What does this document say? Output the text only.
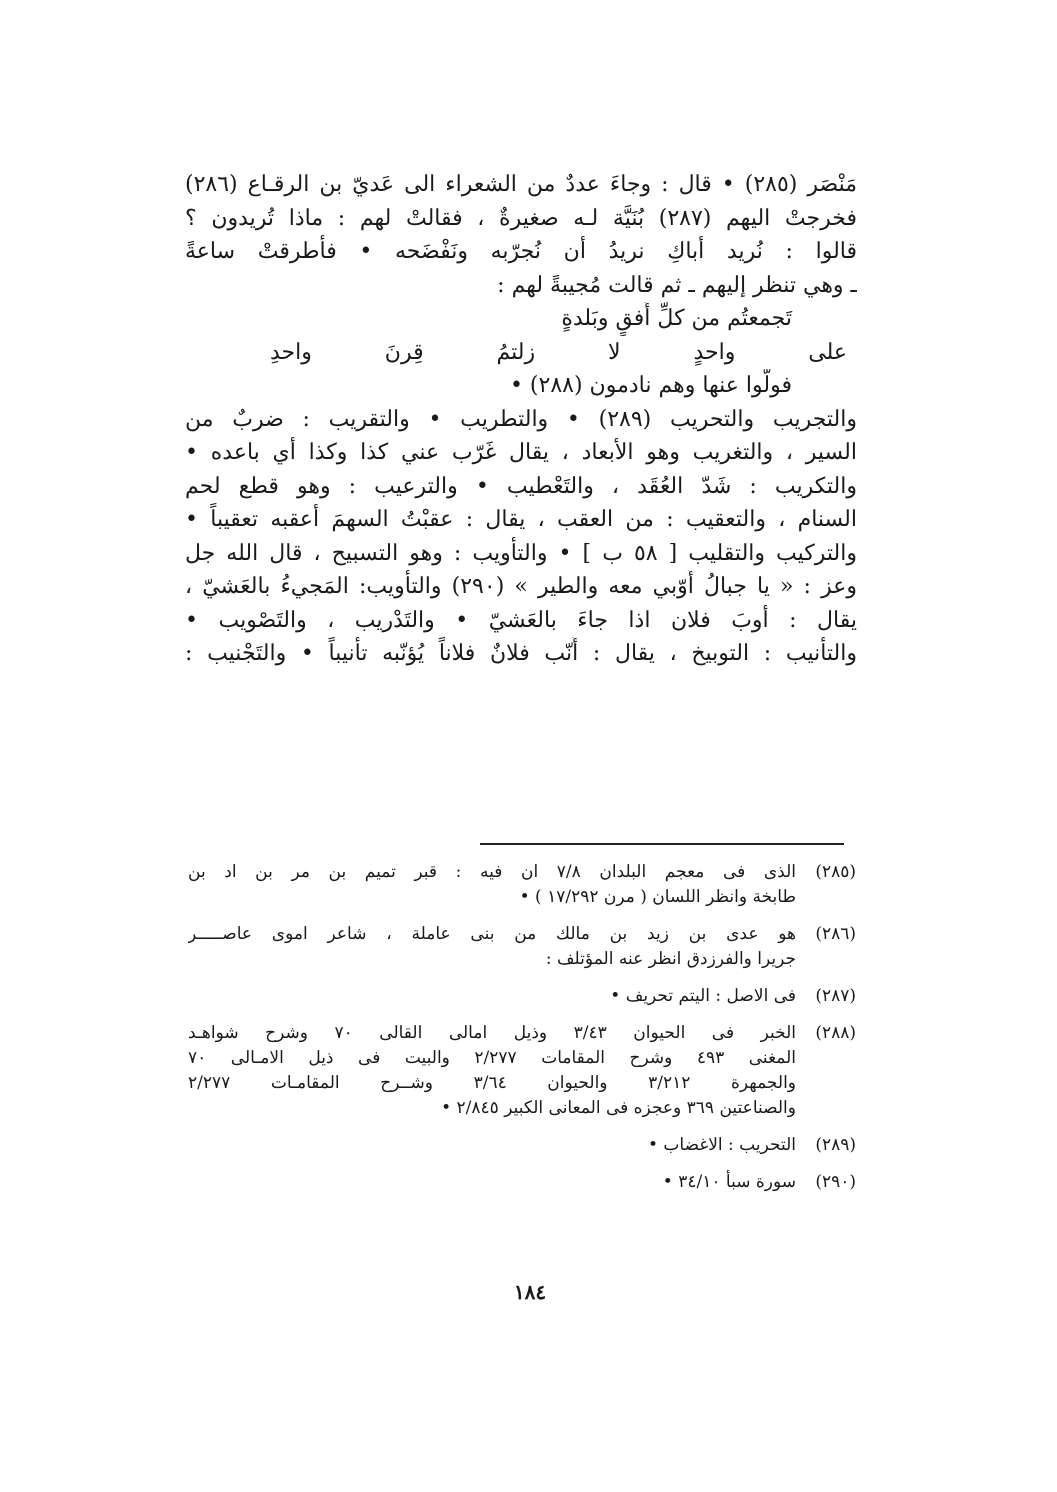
مَنْصَر (٢٨٥) • قال : وجاءَ عددٌ من الشعراء الى عَديّ بن الرقـاع (٢٨٦)
فخرجتْ اليهم (٢٨٧) بُنَيَّة لـه صغيرةٌ ، فقالتْ لهم : ماذا تُريدون ؟
قالوا : نُريد أباكِ نريدُ أن نُجرّبه ونَفْضَحه • فأطرقتْ ساعةً
ـ وهي تنظر إليهم ـ ثم قالت مُجيبةً لهم :
تَجمعتُم من كلِّ أُفقٍ وبَلدةٍ
على واحدٍ لا زلتمُ قِرنَ واحدِ
فولّوا عنها وهم نادمون (٢٨٨) •
والتجريب والتحريب (٢٨٩) • والتطريب • والتقريب : ضربٌ من
السير ، والتغريب وهو الأبعاد ، يقال غَرّب عني كذا وكذا أي باعده •
والتكريب : شَدّ العُقَد ، والتَعْطيب • والترعيب : وهو قطع لحم
السنام ، والتعقيب : من العقب ، يقال : عقبْتُ السهمَ أعقبه تعقيباً •
والتركيب والتقليب [ ٥٨ ب ] • والتأْويب : وهو التسبيح ، قال الله جل
وعز : « يا جبالُ أَوّبي معه والطير » (٢٩٠) والتأويب: المَجيءُ بالعَشيّ ،
يقال : أوبَ فلان اذا جاءَ بالعَشيّ • والتَدْريب ، والتَصْويب •
والتأنيب : التوبيخ ، يقال : أَنّب فلانٌ فلاناً يُؤنّبه تأنيباً • والتَجْنيب :
(٢٨٥)
الذى فى معجم البلدان ٧/٨ ان فيه : قبر تميم بن مر بن اد بن
طابخة وانظر اللسان ( مرن ١٧/٢٩٢ ) •
(٢٨٦)
هو عدى بن زيد بن مالك من بنى عاملة ، شاعر اموى عاصـــــر
جريرا والفرزدق انظر عنه المؤتلف :
(٢٨٧)
فى الاصل : اليتم تحريف •
(٢٨٨)
الخبر فى الحيوان ٣/٤٣ وذيل امالى القالى ٧٠ وشرح شواهـد
المغنى ٤٩٣ وشرح المقامات ٢/٢٧٧ والبيت فى ذيل الامـالى ٧٠
والجمهرة ٣/٢١٢ والحيوان ٣/٦٤ وشــرح المقامـات ٢/٢٧٧
والصناعتين ٣٦٩ وعجزه فى المعانى الكبير ٢/٨٤٥ •
(٢٨٩)
التحريب : الاغضاب •
(٢٩٠)
سورة سبأ ٣٤/١٠ •
١٨٤
